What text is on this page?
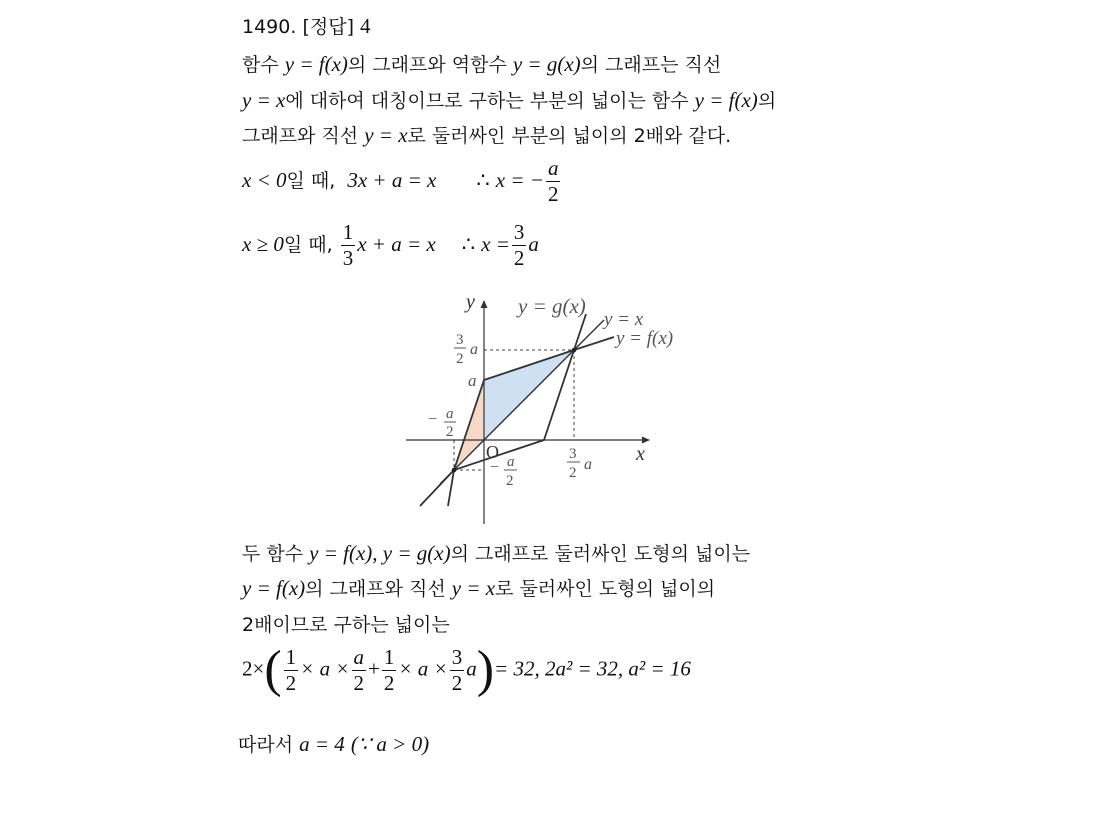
1490. [정답] 4
함수 y = f(x)의 그래프와 역함수 y = g(x)의 그래프는 직선
y = x에 대하여 대칭이므로 구하는 부분의 넓이는 함수 y = f(x)의
그래프와 직선 y = x로 둘러싸인 부분의 넓이의 2배와 같다.
x < 0일 때, 3x + a = x ∴ x = − $\frac{a}{2}$
x ≥ 0일 때, $\frac{1}{3}$ x + a = x ∴ $x = \frac{3}{2}$ a
y
x
O
y = g(x)
y = x
y = f(x)
3
2
a
a
− a
2
− a
2
3
2 a
두 함수 y = f(x), y = g(x)의 그래프로 둘러싸인 도형의 넓이는
y = f(x)의 그래프와 직선 y = x로 둘러싸인 도형의 넓이의
2배이므로 구하는 넓이는
$2\times( \frac{1}{2} \times a \times \frac{a}{2} + \frac{1}{2} \times a \times \frac{3}{2} a)= 32$, 2a² = 32, a² = 16
따라서 a = 4 (∵ a > 0)
